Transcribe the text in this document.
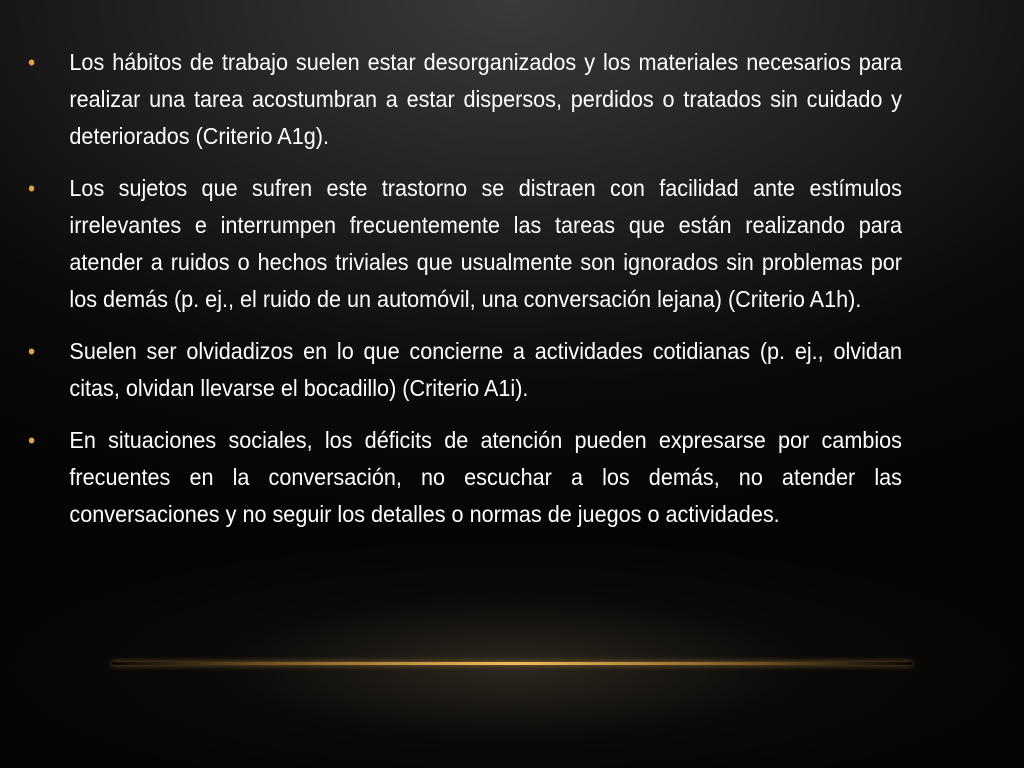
• Los hábitos de trabajo suelen estar desorganizados y los materiales necesarios para realizar una tarea acostumbran a estar dispersos, perdidos o tratados sin cuidado y deteriorados (Criterio A1g).
• Los sujetos que sufren este trastorno se distraen con facilidad ante estímulos irrelevantes e interrumpen frecuentemente las tareas que están realizando para atender a ruidos o hechos triviales que usualmente son ignorados sin problemas por los demás (p. ej., el ruido de un automóvil, una conversación lejana) (Criterio A1h).
• Suelen ser olvidadizos en lo que concierne a actividades cotidianas (p. ej., olvidan citas, olvidan llevarse el bocadillo) (Criterio A1i).
• En situaciones sociales, los déficits de atención pueden expresarse por cambios frecuentes en la conversación, no escuchar a los demás, no atender las conversaciones y no seguir los detalles o normas de juegos o actividades.
